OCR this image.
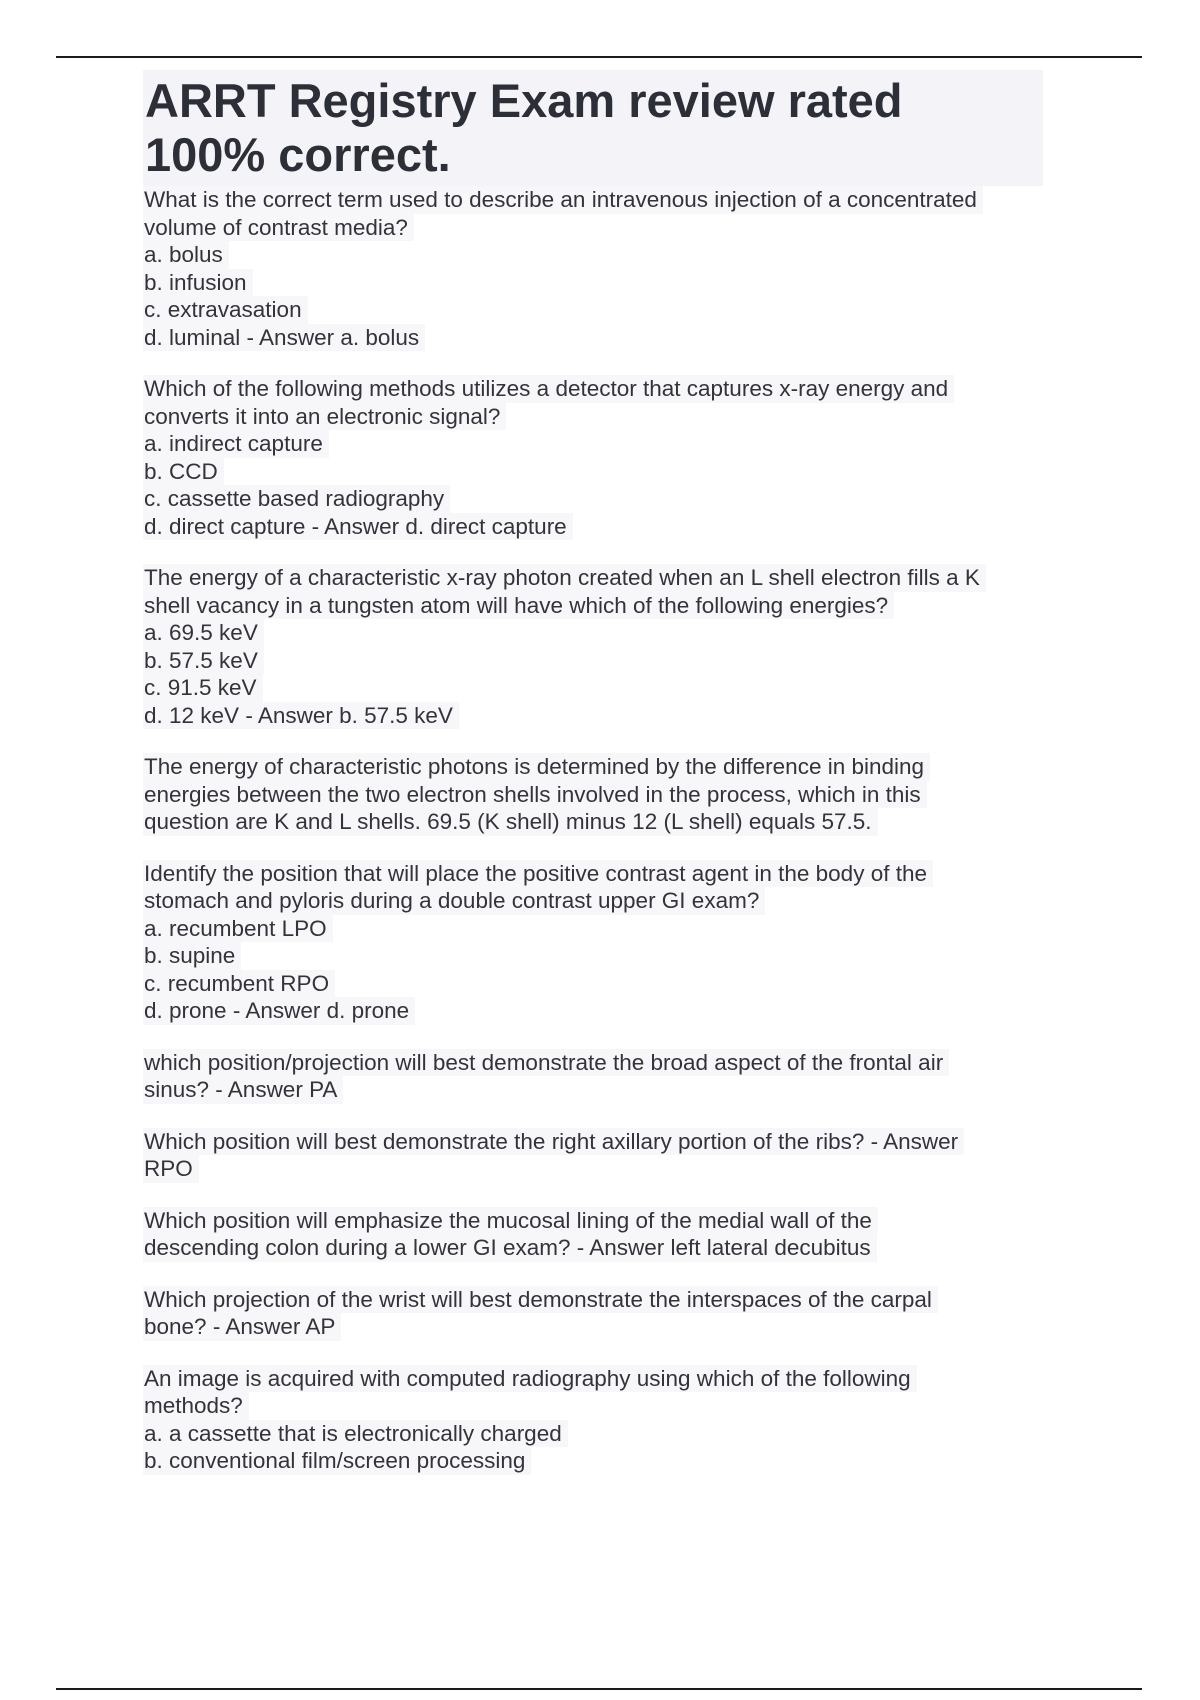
ARRT Registry Exam review rated
100% correct.
What is the correct term used to describe an intravenous injection of a concentrated
volume of contrast media?
a. bolus
b. infusion
c. extravasation
d. luminal - Answer a. bolus
Which of the following methods utilizes a detector that captures x-ray energy and
converts it into an electronic signal?
a. indirect capture
b. CCD
c. cassette based radiography
d. direct capture - Answer d. direct capture
The energy of a characteristic x-ray photon created when an L shell electron fills a K
shell vacancy in a tungsten atom will have which of the following energies?
a. 69.5 keV
b. 57.5 keV
c. 91.5 keV
d. 12 keV - Answer b. 57.5 keV
The energy of characteristic photons is determined by the difference in binding
energies between the two electron shells involved in the process, which in this
question are K and L shells. 69.5 (K shell) minus 12 (L shell) equals 57.5.
Identify the position that will place the positive contrast agent in the body of the
stomach and pyloris during a double contrast upper GI exam?
a. recumbent LPO
b. supine
c. recumbent RPO
d. prone - Answer d. prone
which position/projection will best demonstrate the broad aspect of the frontal air
sinus? - Answer PA
Which position will best demonstrate the right axillary portion of the ribs? - Answer
RPO
Which position will emphasize the mucosal lining of the medial wall of the
descending colon during a lower GI exam? - Answer left lateral decubitus
Which projection of the wrist will best demonstrate the interspaces of the carpal
bone? - Answer AP
An image is acquired with computed radiography using which of the following
methods?
a. a cassette that is electronically charged
b. conventional film/screen processing
